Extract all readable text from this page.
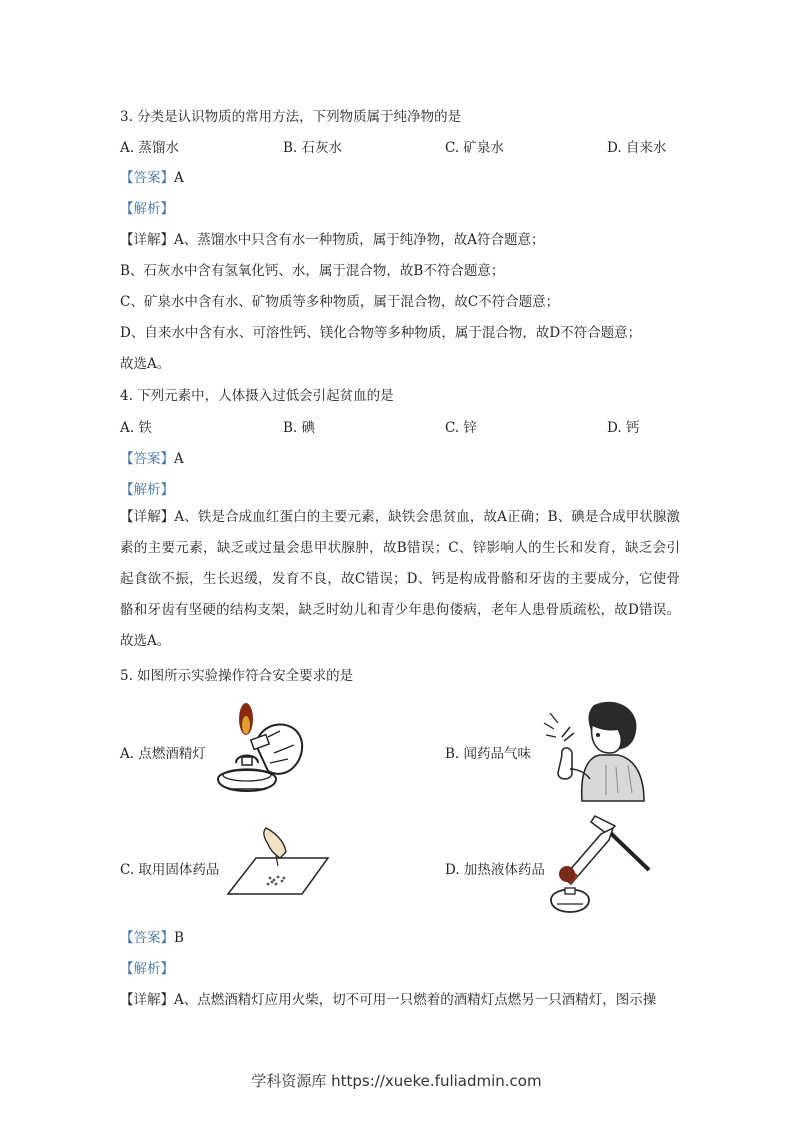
3. 分类是认识物质的常用方法，下列物质属于纯净物的是
A. 蒸馏水	B. 石灰水	C. 矿泉水	D. 自来水
【答案】A
【解析】
【详解】A、蒸馏水中只含有水一种物质，属于纯净物，故A符合题意；
B、石灰水中含有氢氧化钙、水，属于混合物，故B不符合题意；
C、矿泉水中含有水、矿物质等多种物质，属于混合物，故C不符合题意；
D、自来水中含有水、可溶性钙、镁化合物等多种物质，属于混合物，故D不符合题意；
故选A。
4. 下列元素中，人体摄入过低会引起贫血的是
A. 铁	B. 碘	C. 锌	D. 钙
【答案】A
【解析】
【详解】A、铁是合成血红蛋白的主要元素，缺铁会患贫血，故A正确；B、碘是合成甲状腺激素的主要元素，缺乏或过量会患甲状腺肿，故B错误；C、锌影响人的生长和发育，缺乏会引起食欲不振，生长迟缓，发育不良，故C错误；D、钙是构成骨骼和牙齿的主要成分，它使骨骼和牙齿有坚硬的结构支架，缺乏时幼儿和青少年患佝偻病，老年人患骨质疏松，故D错误。故选A。
5. 如图所示实验操作符合安全要求的是
A. 点燃酒精灯	B. 闻药品气味
C. 取用固体药品	D. 加热液体药品
【答案】B
【解析】
【详解】A、点燃酒精灯应用火柴，切不可用一只燃着的酒精灯点燃另一只酒精灯，图示操
学科资源库 https://xueke.fuliadmin.com
